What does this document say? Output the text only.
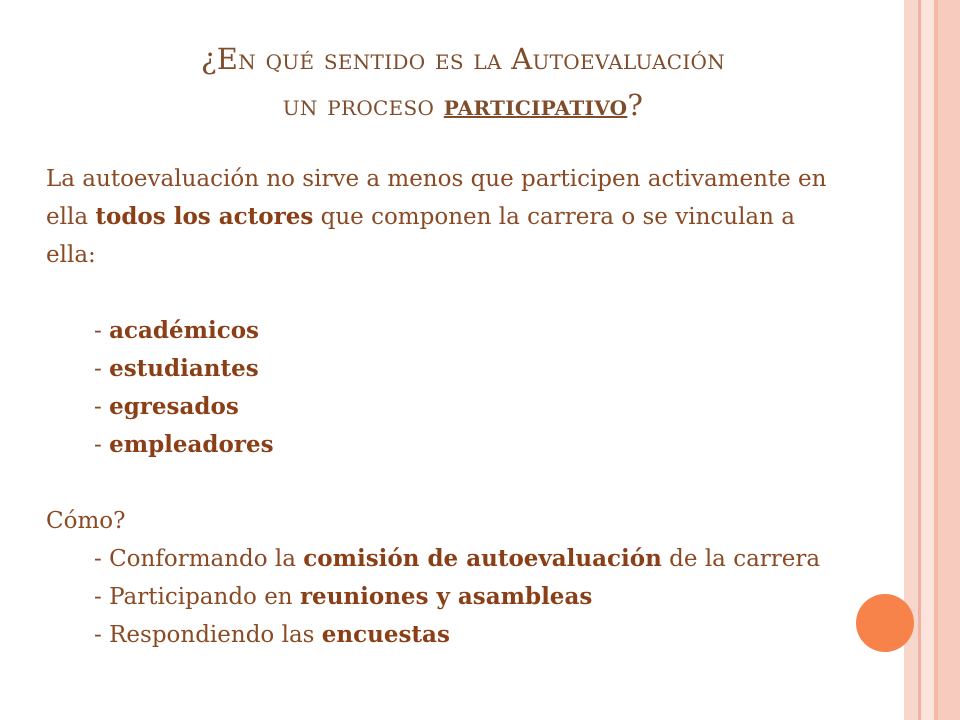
¿En qué sentido es la Autoevaluación
un proceso participativo?

La autoevaluación no sirve a menos que participen activamente en ella todos los actores que componen la carrera o se vinculan a ella:

- académicos
- estudiantes
- egresados
- empleadores
Cómo?
- Conformando la comisión de autoevaluación de la carrera
- Participando en reuniones y asambleas
- Respondiendo las encuestas
